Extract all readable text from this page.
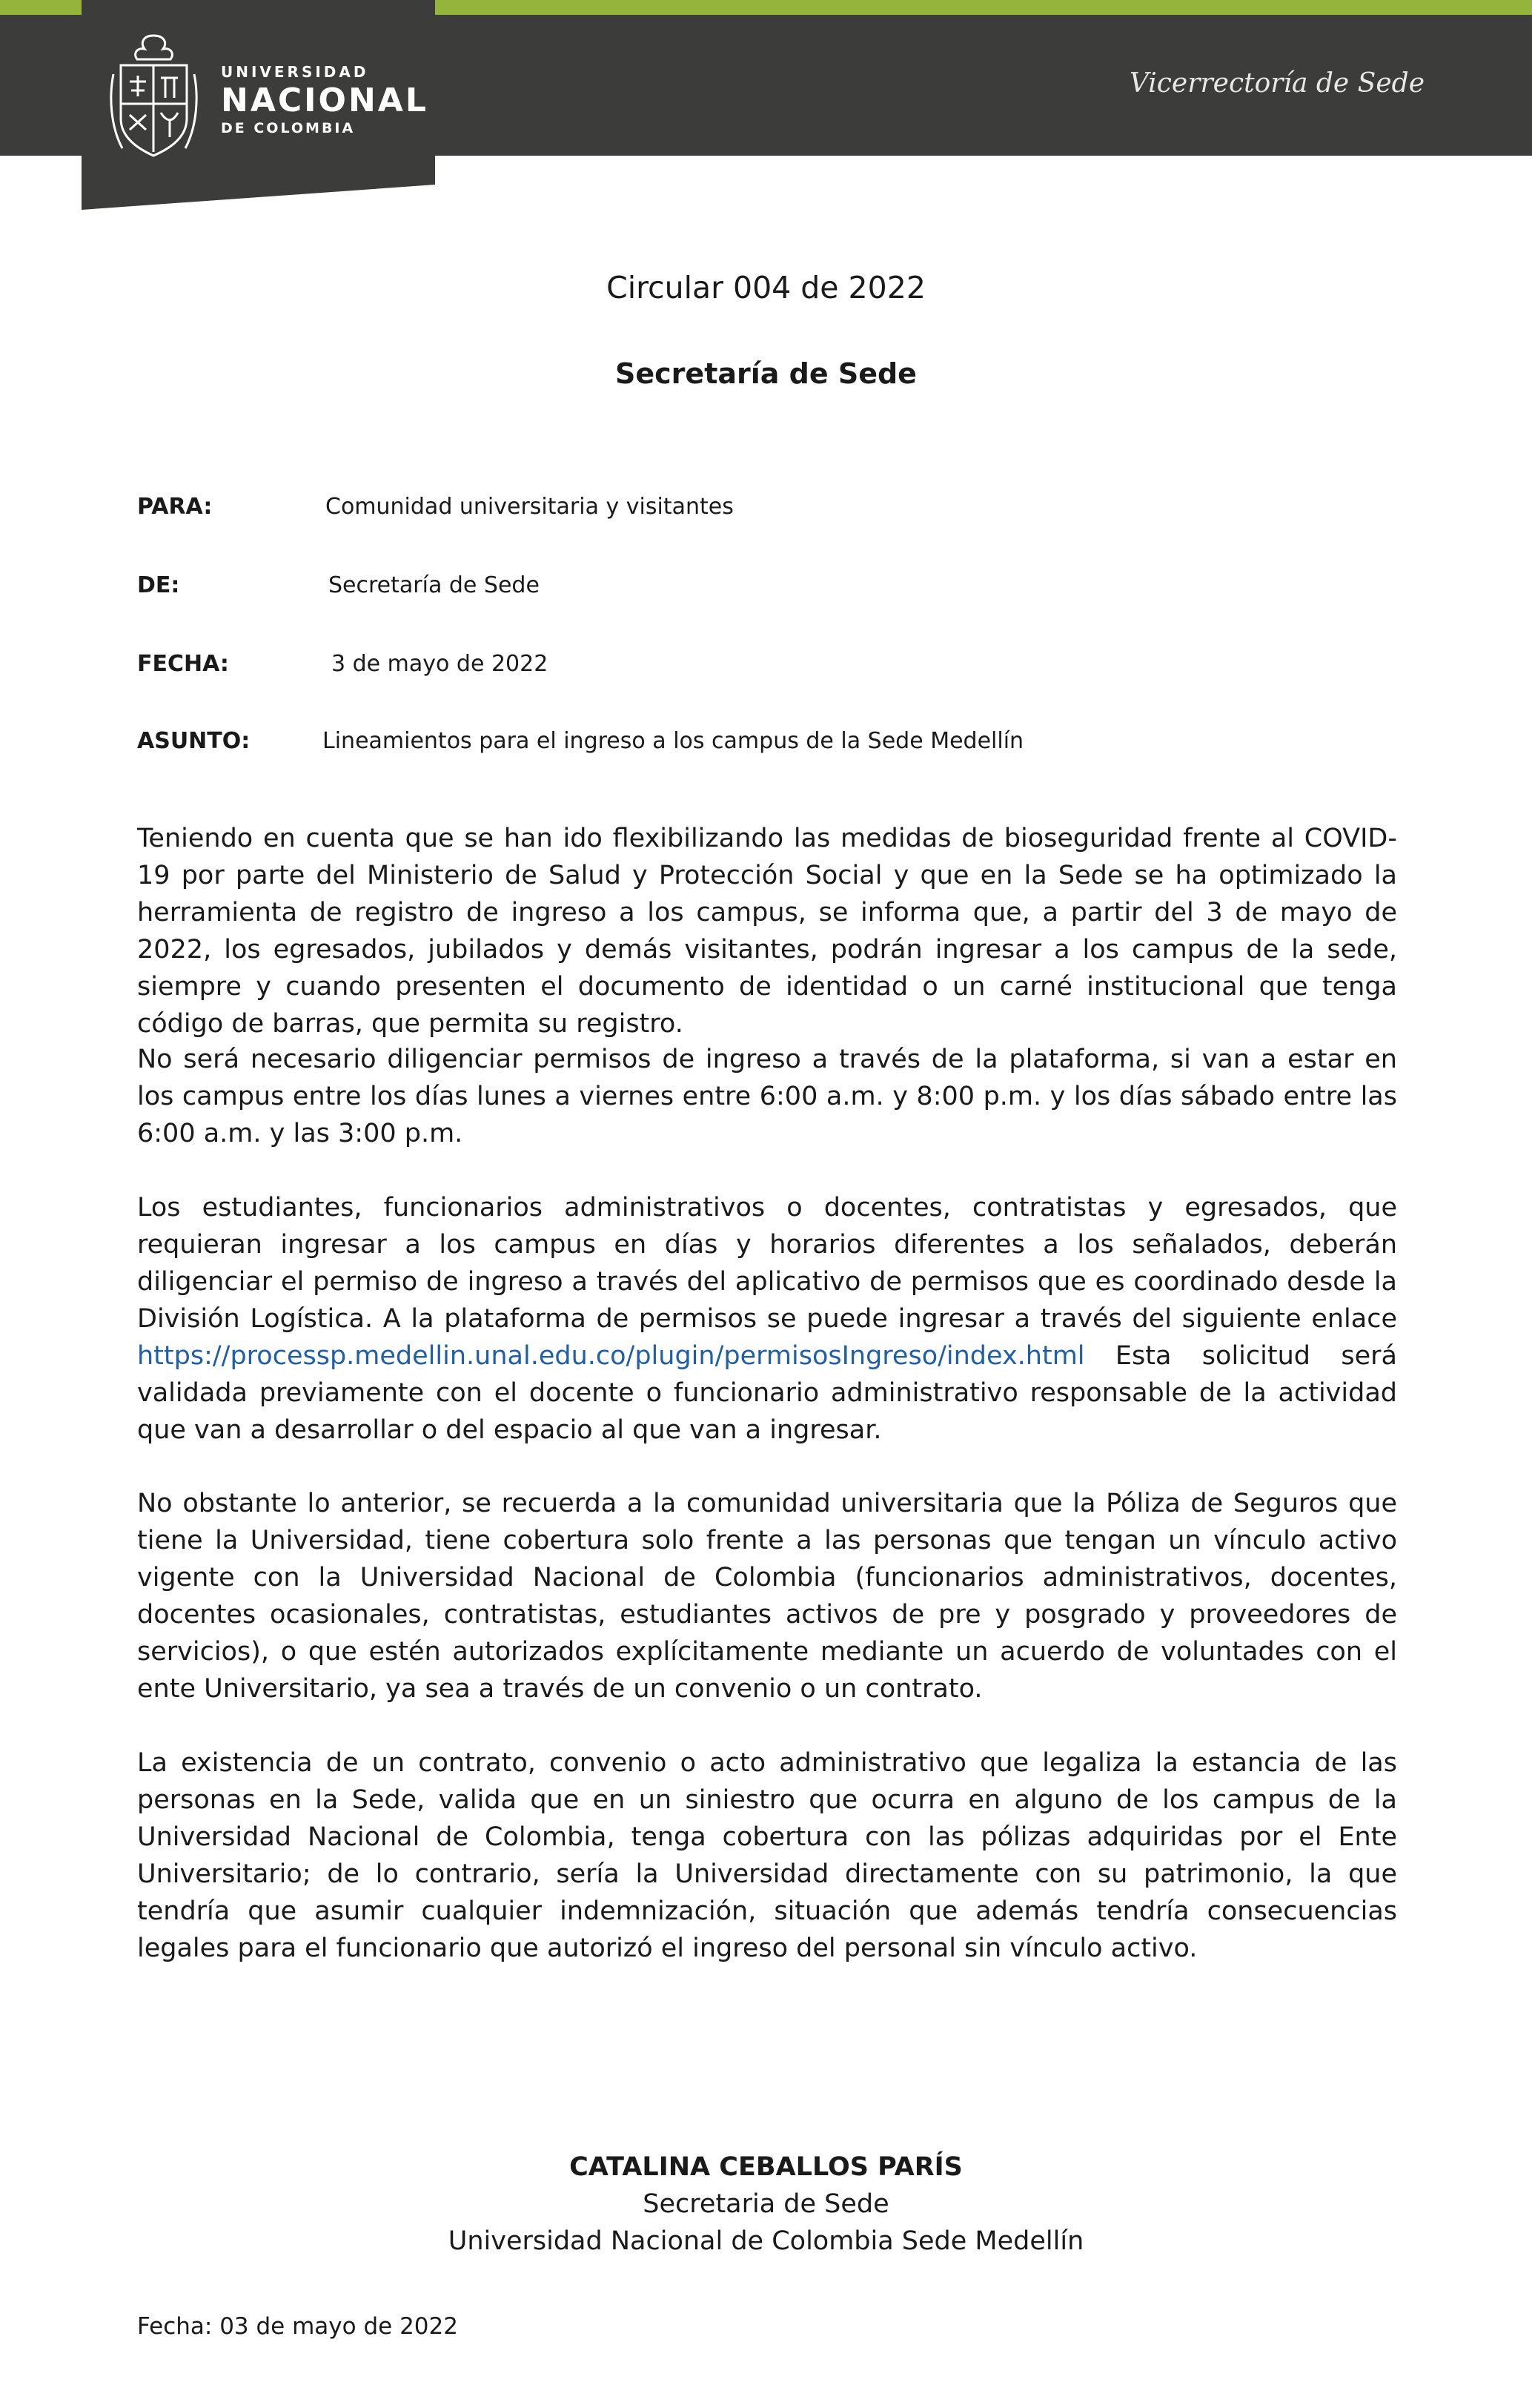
UNIVERSIDAD
NACIONAL
DE COLOMBIA
Vicerrectoría de Sede
Circular 004 de 2022
Secretaría de Sede
PARA:	Comunidad universitaria y visitantes
DE:	Secretaría de Sede
FECHA:	3 de mayo de 2022
ASUNTO:	Lineamientos para el ingreso a los campus de la Sede Medellín

Teniendo en cuenta que se han ido flexibilizando las medidas de bioseguridad frente al COVID-19 por parte del Ministerio de Salud y Protección Social y que en la Sede se ha optimizado la herramienta de registro de ingreso a los campus, se informa que, a partir del 3 de mayo de 2022, los egresados, jubilados y demás visitantes, podrán ingresar a los campus de la sede, siempre y cuando presenten el documento de identidad o un carné institucional que tenga código de barras, que permita su registro.

No será necesario diligenciar permisos de ingreso a través de la plataforma, si van a estar en los campus entre los días lunes a viernes entre 6:00 a.m. y 8:00 p.m. y los días sábado entre las 6:00 a.m. y las 3:00 p.m.

Los estudiantes, funcionarios administrativos o docentes, contratistas y egresados, que requieran ingresar a los campus en días y horarios diferentes a los señalados, deberán diligenciar el permiso de ingreso a través del aplicativo de permisos que es coordinado desde la División Logística. A la plataforma de permisos se puede ingresar a través del siguiente enlace https://processp.medellin.unal.edu.co/plugin/permisosIngreso/index.html Esta solicitud será validada previamente con el docente o funcionario administrativo responsable de la actividad que van a desarrollar o del espacio al que van a ingresar.

No obstante lo anterior, se recuerda a la comunidad universitaria que la Póliza de Seguros que tiene la Universidad, tiene cobertura solo frente a las personas que tengan un vínculo activo vigente con la Universidad Nacional de Colombia (funcionarios administrativos, docentes, docentes ocasionales, contratistas, estudiantes activos de pre y posgrado y proveedores de servicios), o que estén autorizados explícitamente mediante un acuerdo de voluntades con el ente Universitario, ya sea a través de un convenio o un contrato.

La existencia de un contrato, convenio o acto administrativo que legaliza la estancia de las personas en la Sede, valida que en un siniestro que ocurra en alguno de los campus de la Universidad Nacional de Colombia, tenga cobertura con las pólizas adquiridas por el Ente Universitario; de lo contrario, sería la Universidad directamente con su patrimonio, la que tendría que asumir cualquier indemnización, situación que además tendría consecuencias legales para el funcionario que autorizó el ingreso del personal sin vínculo activo.

CATALINA CEBALLOS PARÍS
Secretaria de Sede
Universidad Nacional de Colombia Sede Medellín
Fecha: 03 de mayo de 2022
